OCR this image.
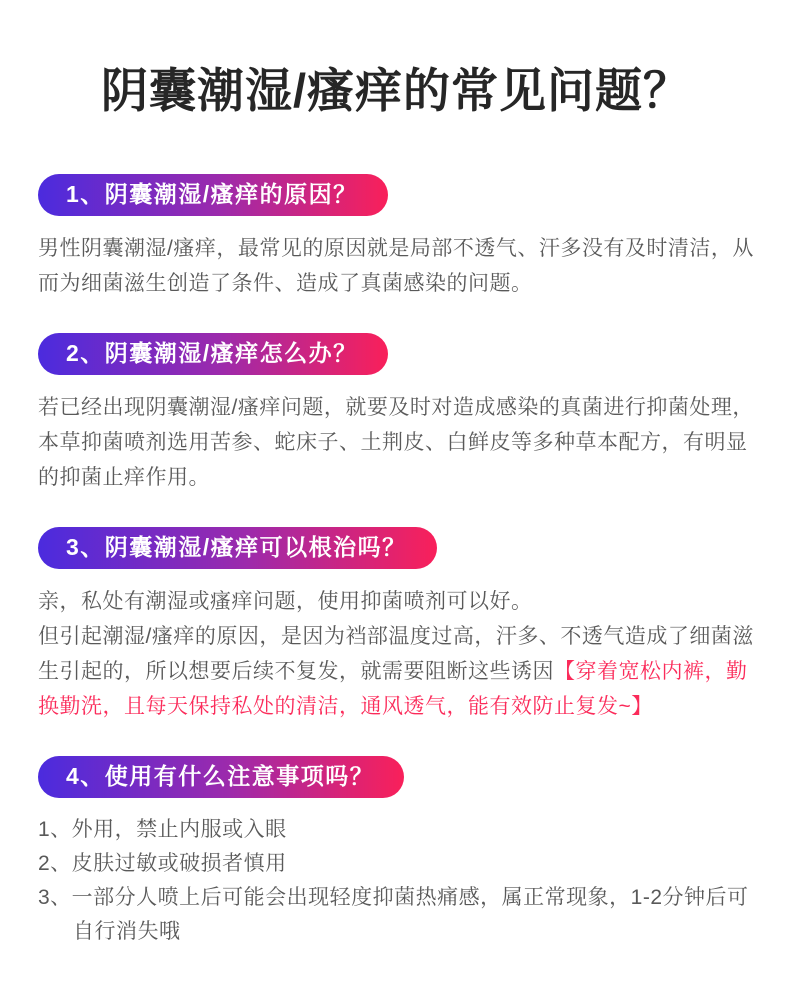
阴囊潮湿/瘙痒的常见问题？
1、阴囊潮湿/瘙痒的原因？

男性阴囊潮湿/瘙痒，最常见的原因就是局部不透气、汗多没有及时清洁，从而为细菌滋生创造了条件、造成了真菌感染的问题。

2、阴囊潮湿/瘙痒怎么办？

若已经出现阴囊潮湿/瘙痒问题，就要及时对造成感染的真菌进行抑菌处理，本草抑菌喷剂选用苦参、蛇床子、土荆皮、白鲜皮等多种草本配方，有明显的抑菌止痒作用。

3、阴囊潮湿/瘙痒可以根治吗？

亲，私处有潮湿或瘙痒问题，使用抑菌喷剂可以好。

但引起潮湿/瘙痒的原因，是因为裆部温度过高，汗多、不透气造成了细菌滋生引起的，所以想要后续不复发，就需要阻断这些诱因【穿着宽松内裤，勤换勤洗，且每天保持私处的清洁，通风透气，能有效防止复发~】

4、使用有什么注意事项吗？

1、外用，禁止内服或入眼

2、皮肤过敏或破损者慎用

3、一部分人喷上后可能会出现轻度抑菌热痛感，属正常现象，1-2分钟后可自行消失哦
